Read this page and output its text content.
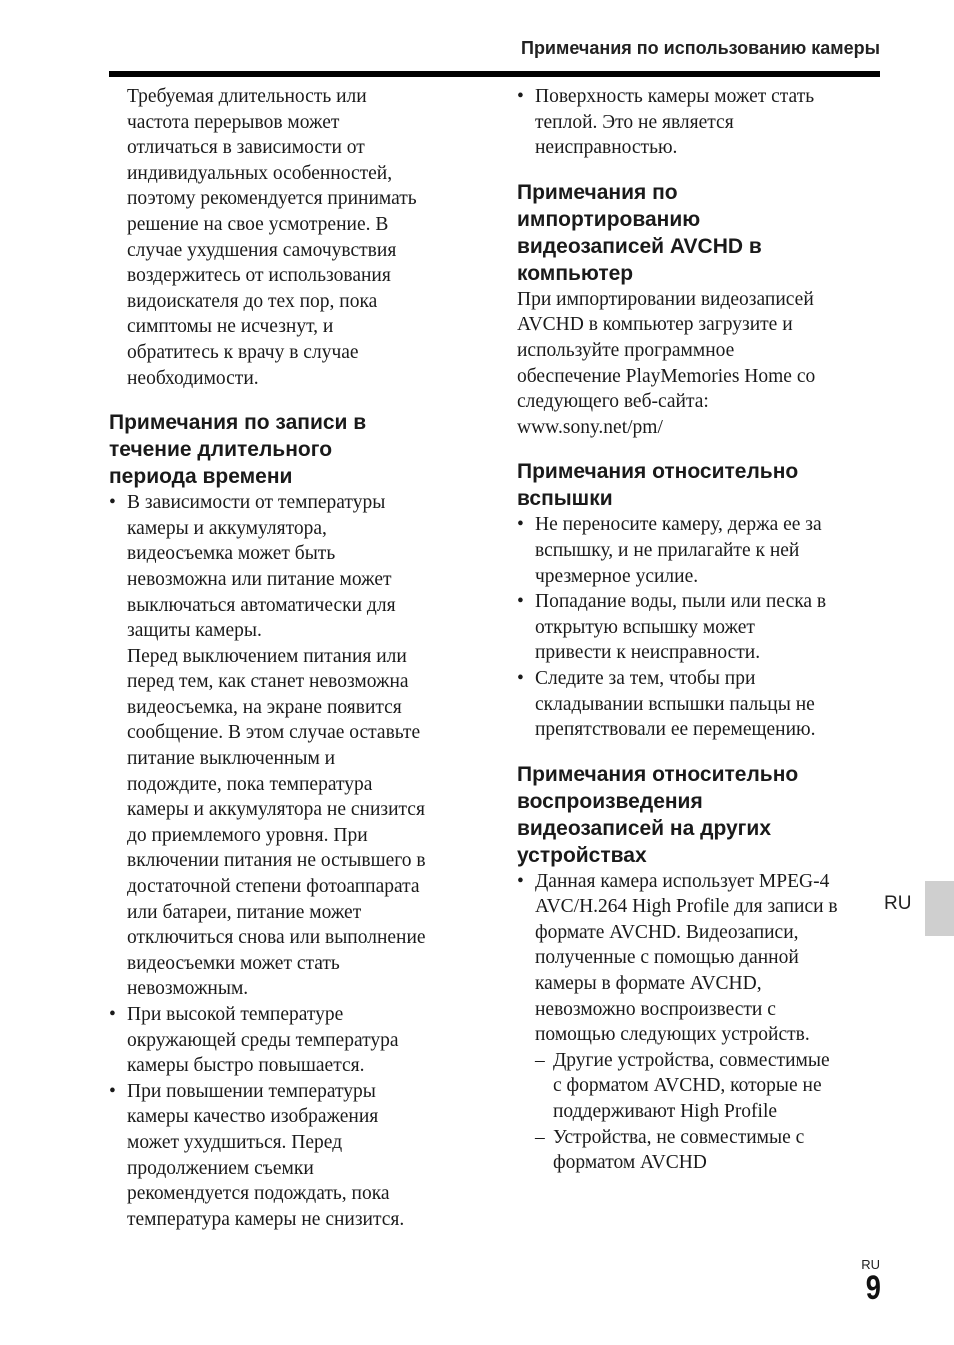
Примечания по использованию камеры
Требуемая длительность или
частота перерывов может
отличаться в зависимости от
индивидуальных особенностей,
поэтому рекомендуется принимать
решение на свое усмотрение. В
случае ухудшения самочувствия
воздержитесь от использования
видоискателя до тех пор, пока
симптомы не исчезнут, и
обратитесь к врачу в случае
необходимости.
Примечания по записи в
течение длительного
периода времени
• В зависимости от температуры
камеры и аккумулятора,
видеосъемка может быть
невозможна или питание может
выключаться автоматически для
защиты камеры.
Перед выключением питания или
перед тем, как станет невозможна
видеосъемка, на экране появится
сообщение. В этом случае оставьте
питание выключенным и
подождите, пока температура
камеры и аккумулятора не снизится
до приемлемого уровня. При
включении питания не остывшего в
достаточной степени фотоаппарата
или батареи, питание может
отключиться снова или выполнение
видеосъемки может стать
невозможным.
• При высокой температуре
окружающей среды температура
камеры быстро повышается.
• При повышении температуры
камеры качество изображения
может ухудшиться. Перед
продолжением съемки
рекомендуется подождать, пока
температура камеры не снизится.
• Поверхность камеры может стать
теплой. Это не является
неисправностью.
Примечания по
импортированию
видеозаписей AVCHD в
компьютер
При импортировании видеозаписей
AVCHD в компьютер загрузите и
используйте программное
обеспечение PlayMemories Home со
следующего веб-сайта:
www.sony.net/pm/
Примечания относительно
вспышки
• Не переносите камеру, держа ее за
вспышку, и не прилагайте к ней
чрезмерное усилие.
• Попадание воды, пыли или песка в
открытую вспышку может
привести к неисправности.
• Следите за тем, чтобы при
складывании вспышки пальцы не
препятствовали ее перемещению.
Примечания относительно
воспроизведения
видеозаписей на других
устройствах
• Данная камера использует MPEG-4
AVC/H.264 High Profile для записи в
формате AVCHD. Видеозаписи,
полученные с помощью данной
камеры в формате AVCHD,
невозможно воспроизвести с
помощью следующих устройств.
– Другие устройства, совместимые
с форматом AVCHD, которые не
поддерживают High Profile
– Устройства, не совместимые с
форматом AVCHD
RU
RU
9
